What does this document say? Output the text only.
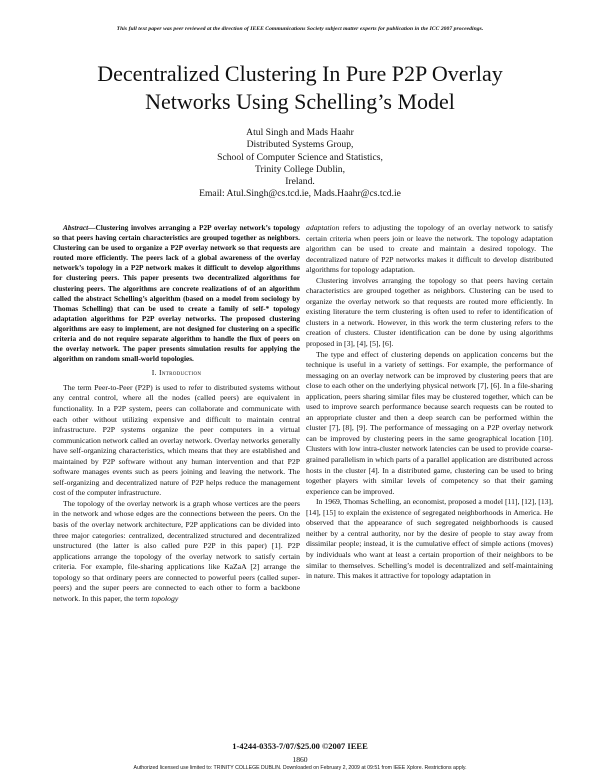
This full text paper was peer reviewed at the direction of IEEE Communications Society subject matter experts for publication in the ICC 2007 proceedings.
Decentralized Clustering In Pure P2P Overlay
Networks Using Schelling’s Model
Atul Singh and Mads Haahr
Distributed Systems Group,
School of Computer Science and Statistics,
Trinity College Dublin,
Ireland.
Email: Atul.Singh@cs.tcd.ie, Mads.Haahr@cs.tcd.ie

Abstract—Clustering involves arranging a P2P overlay network’s topology so that peers having certain characteristics are grouped together as neighbors. Clustering can be used to organize a P2P overlay network so that requests are routed more efficiently. The peers lack of a global awareness of the overlay network’s topology in a P2P network makes it difficult to develop algorithms for clustering peers. This paper presents two decentralized algorithms for clustering peers. The algorithms are concrete realizations of of an algorithm called the abstract Schelling’s algorithm (based on a model from sociology by Thomas Schelling) that can be used to create a family of self-* topology adaptation algorithms for P2P overlay networks. The proposed clustering algorithms are easy to implement, are not designed for clustering on a specific criteria and do not require separate algorithm to handle the flux of peers on the overlay network. The paper presents simulation results for applying the algorithm on random small-world topologies.

I. Introduction

The term Peer-to-Peer (P2P) is used to refer to distributed systems without any central control, where all the nodes (called peers) are equivalent in functionality. In a P2P system, peers can collaborate and communicate with each other without utilizing expensive and difficult to maintain central infrastructure. P2P systems organize the peer computers in a virtual communication network called an overlay network. Overlay networks generally have self-organizing characteristics, which means that they are established and maintained by P2P software without any human intervention and that P2P software manages events such as peers joining and leaving the network. The self-organizing and decentralized nature of P2P helps reduce the management cost of the computer infrastructure.

The topology of the overlay network is a graph whose vertices are the peers in the network and whose edges are the connections between the peers. On the basis of the overlay network architecture, P2P applications can be divided into three major categories: centralized, decentralized structured and decentralized unstructured (the latter is also called pure P2P in this paper) [1]. P2P applications arrange the topology of the overlay network to satisfy certain criteria. For example, file-sharing applications like KaZaA [2] arrange the topology so that ordinary peers are connected to powerful peers (called super-peers) and the super peers are connected to each other to form a backbone network. In this paper, the term topology

adaptation refers to adjusting the topology of an overlay network to satisfy certain criteria when peers join or leave the network. The topology adaptation algorithm can be used to create and maintain a desired topology. The decentralized nature of P2P networks makes it difficult to develop distributed algorithms for topology adaptation.

Clustering involves arranging the topology so that peers having certain characteristics are grouped together as neighbors. Clustering can be used to organize the overlay network so that requests are routed more efficiently. In existing literature the term clustering is often used to refer to identification of clusters in a network. However, in this work the term clustering refers to the creation of clusters. Cluster identification can be done by using algorithms proposed in [3], [4], [5], [6].

The type and effect of clustering depends on application concerns but the technique is useful in a variety of settings. For example, the performance of messaging on an overlay network can be improved by clustering peers that are close to each other on the underlying physical network [7], [6]. In a file-sharing application, peers sharing similar files may be clustered together, which can be used to improve search performance because search requests can be routed to an appropriate cluster and then a deep search can be performed within the cluster [7], [8], [9]. The performance of messaging on a P2P overlay network can be improved by clustering peers in the same geographical location [10]. Clusters with low intra-cluster network latencies can be used to provide coarse-grained parallelism in which parts of a parallel application are distributed across hosts in the cluster [4]. In a distributed game, clustering can be used to bring together players with similar levels of competency so that their gaming experience can be improved.

In 1969, Thomas Schelling, an economist, proposed a model [11], [12], [13], [14], [15] to explain the existence of segregated neighborhoods in America. He observed that the appearance of such segregated neighborhoods is caused neither by a central authority, nor by the desire of people to stay away from dissimilar people; instead, it is the cumulative effect of simple actions (moves) by individuals who want at least a certain proportion of their neighbors to be similar to themselves. Schelling’s model is decentralized and self-maintaining in nature. This makes it attractive for topology adaptation in

1-4244-0353-7/07/$25.00 ©2007 IEEE
1860
Authorized licensed use limited to: TRINITY COLLEGE DUBLIN. Downloaded on February 2, 2009 at 09:51 from IEEE Xplore. Restrictions apply.
